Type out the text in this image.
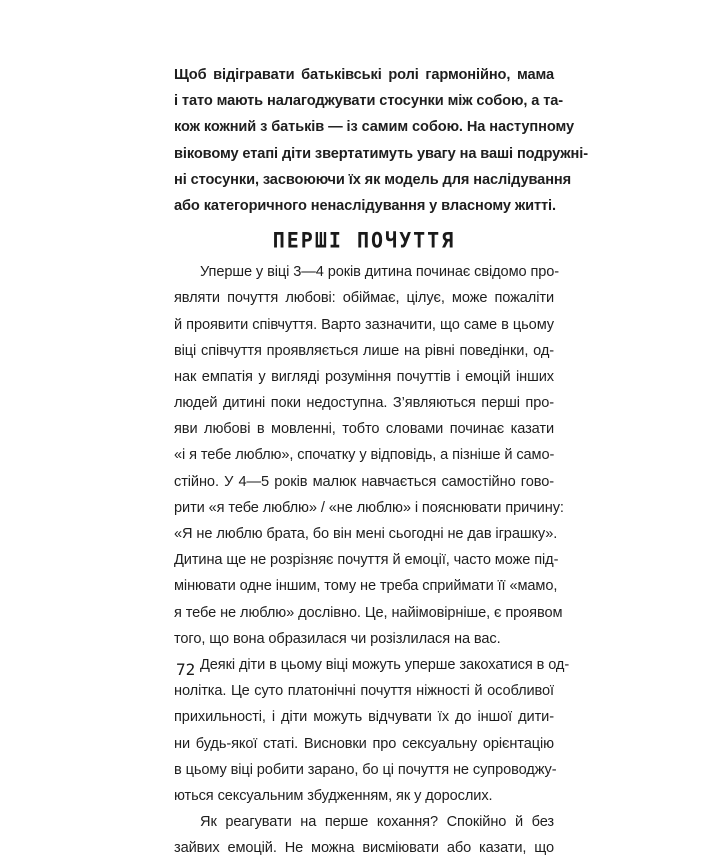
Щоб відігравати батьківські ролі гармонійно, мама
і тато мають налагоджувати стосунки між собою, а та-
кож кожний з батьків — із самим собою. На наступному
віковому етапі діти звертатимуть увагу на ваші подружні-
ні стосунки, засвоюючи їх як модель для наслідування
або категоричного ненаслідування у власному житті.
ПЕРШІ ПОЧУТТЯ
Уперше у віці 3—4 років дитина починає свідомо про-
являти почуття любові: обіймає, цілує, може пожаліти
й проявити співчуття. Варто зазначити, що саме в цьому
віці співчуття проявляється лише на рівні поведінки, од-
нак емпатія у вигляді розуміння почуттів і емоцій інших
людей дитині поки недоступна. З’являються перші про-
яви любові в мовленні, тобто словами починає казати
«і я тебе люблю», спочатку у відповідь, а пізніше й само-
стійно. У 4—5 років малюк навчається самостійно гово-
рити «я тебе люблю» / «не люблю» і пояснювати причину:
«Я не люблю брата, бо він мені сьогодні не дав іграшку».
Дитина ще не розрізняє почуття й емоції, часто може під-
мінювати одне іншим, тому не треба сприймати її «мамо,
я тебе не люблю» дослівно. Це, найімовірніше, є проявом
того, що вона образилася чи розізлилася на вас.
Деякі діти в цьому віці можуть уперше закохатися в од-
нолітка. Це суто платонічні почуття ніжності й особливої
прихильності, і діти можуть відчувати їх до іншої дити-
ни будь-якої статі. Висновки про сексуальну орієнтацію
в цьому віці робити зарано, бо ці почуття не супроводжу-
ються сексуальним збудженням, як у дорослих.
Як реагувати на перше кохання? Спокійно й без
зайвих емоцій. Не можна висміювати або казати, що
72
